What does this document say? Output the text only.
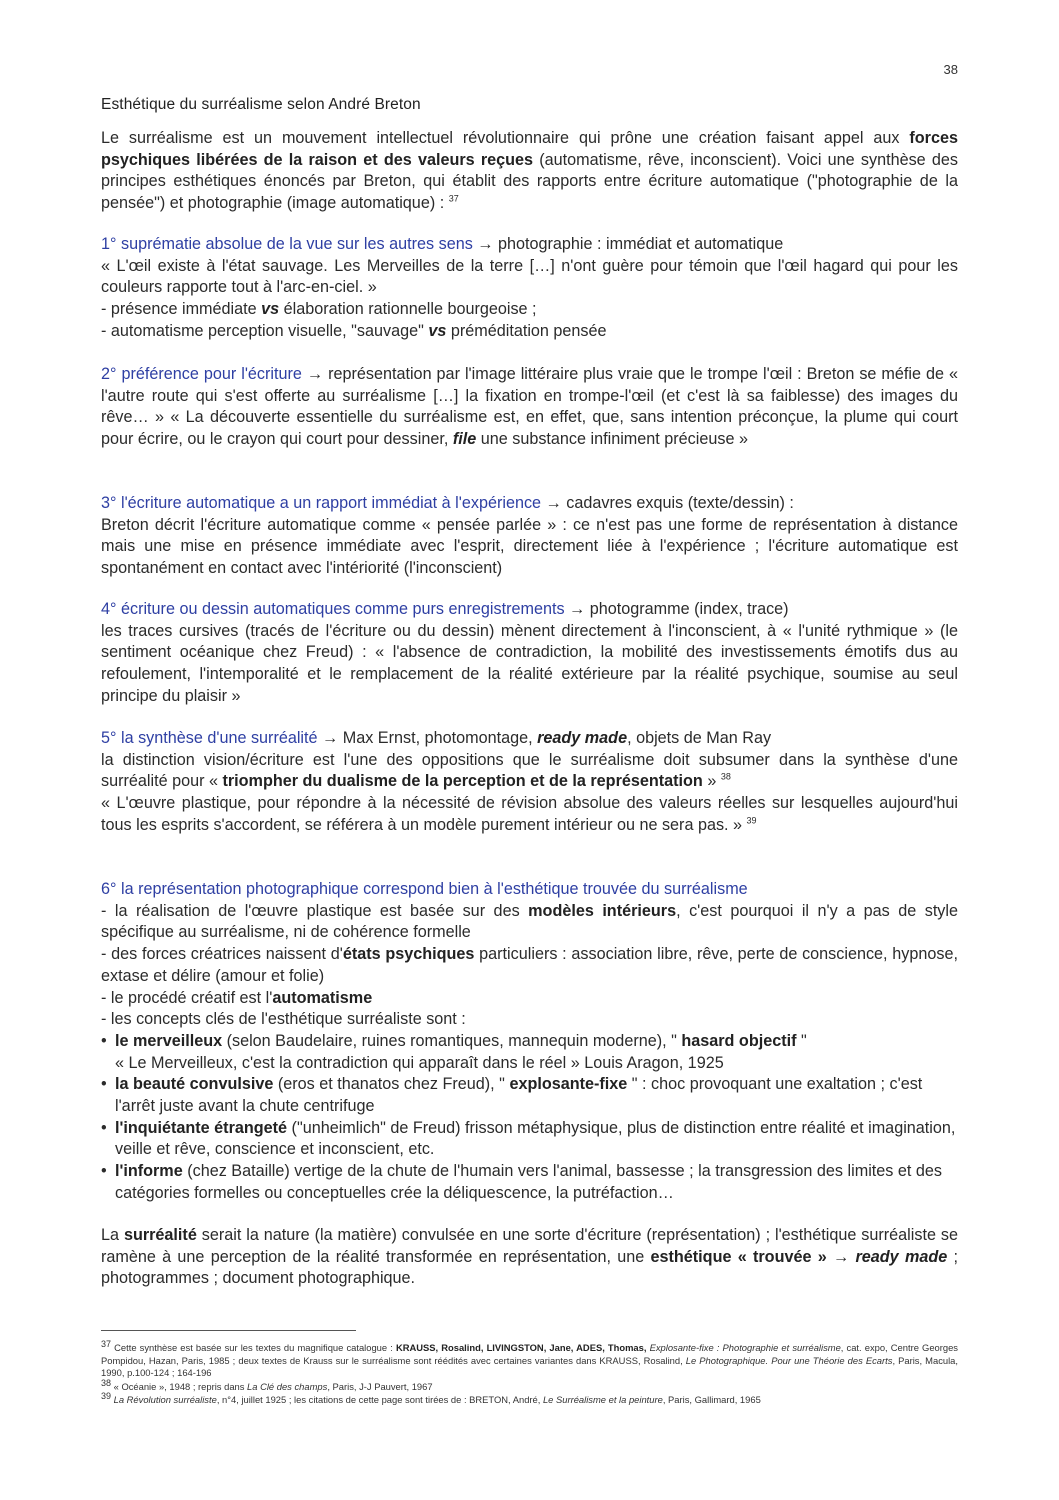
38
Esthétique du surréalisme selon André Breton

Le surréalisme est un mouvement intellectuel révolutionnaire qui prône une création faisant appel aux forces psychiques libérées de la raison et des valeurs reçues (automatisme, rêve, inconscient). Voici une synthèse des principes esthétiques énoncés par Breton, qui établit des rapports entre écriture automatique ("photographie de la pensée") et photographie (image automatique) : $^{37}$

1° suprématie absolue de la vue sur les autres sens → photographie : immédiat et automatique

« L'œil existe à l'état sauvage. Les Merveilles de la terre […] n'ont guère pour témoin que l'œil hagard qui pour les couleurs rapporte tout à l'arc-en-ciel. »

- présence immédiate vs élaboration rationnelle bourgeoise ;

- automatisme perception visuelle, "sauvage" vs préméditation pensée

2° préférence pour l'écriture → représentation par l'image littéraire plus vraie que le trompe l'œil : Breton se méfie de « l'autre route qui s'est offerte au surréalisme […] la fixation en trompe-l'œil (et c'est là sa faiblesse) des images du rêve… » « La découverte essentielle du surréalisme est, en effet, que, sans intention préconçue, la plume qui court pour écrire, ou le crayon qui court pour dessiner, file une substance infiniment précieuse »

3° l'écriture automatique a un rapport immédiat à l'expérience → cadavres exquis (texte/dessin) :

Breton décrit l'écriture automatique comme « pensée parlée » : ce n'est pas une forme de représentation à distance mais une mise en présence immédiate avec l'esprit, directement liée à l'expérience ; l'écriture automatique est spontanément en contact avec l'intériorité (l'inconscient)

4° écriture ou dessin automatiques comme purs enregistrements → photogramme (index, trace)

les traces cursives (tracés de l'écriture ou du dessin) mènent directement à l'inconscient, à « l'unité rythmique » (le sentiment océanique chez Freud) : « l'absence de contradiction, la mobilité des investissements émotifs dus au refoulement, l'intemporalité et le remplacement de la réalité extérieure par la réalité psychique, soumise au seul principe du plaisir »

5° la synthèse d'une surréalité → Max Ernst, photomontage, ready made, objets de Man Ray

la distinction vision/écriture est l'une des oppositions que le surréalisme doit subsumer dans la synthèse d'une surréalité pour « triompher du dualisme de la perception et de la représentation » $^{38}$

« L'œuvre plastique, pour répondre à la nécessité de révision absolue des valeurs réelles sur lesquelles aujourd'hui tous les esprits s'accordent, se référera à un modèle purement intérieur ou ne sera pas. » $^{39}$

6° la représentation photographique correspond bien à l'esthétique trouvée du surréalisme

- la réalisation de l'œuvre plastique est basée sur des modèles intérieurs, c'est pourquoi il n'y a pas de style spécifique au surréalisme, ni de cohérence formelle

- des forces créatrices naissent d'états psychiques particuliers : association libre, rêve, perte de conscience, hypnose, extase et délire (amour et folie)

- le procédé créatif est l'automatisme

- les concepts clés de l'esthétique surréaliste sont :

• le merveilleux (selon Baudelaire, ruines romantiques, mannequin moderne), " hasard objectif "
« Le Merveilleux, c'est la contradiction qui apparaît dans le réel » Louis Aragon, 1925
• la beauté convulsive (eros et thanatos chez Freud), " explosante-fixe " : choc provoquant une exaltation ; c'est l'arrêt juste avant la chute centrifuge
• l'inquiétante étrangeté ("unheimlich" de Freud) frisson métaphysique, plus de distinction entre réalité et imagination, veille et rêve, conscience et inconscient, etc.
• l'informe (chez Bataille) vertige de la chute de l'humain vers l'animal, bassesse ; la transgression des limites et des catégories formelles ou conceptuelles crée la déliquescence, la putréfaction…

La surréalité serait la nature (la matière) convulsée en une sorte d'écriture (représentation) ; l'esthétique surréaliste se ramène à une perception de la réalité transformée en représentation, une esthétique « trouvée » → ready made ; photogrammes ; document photographique.

$^{37}$ Cette synthèse est basée sur les textes du magnifique catalogue : KRAUSS, Rosalind, LIVINGSTON, Jane, ADES, Thomas, Explosante-fixe : Photographie et surréalisme, cat. expo, Centre Georges Pompidou, Hazan, Paris, 1985 ; deux textes de Krauss sur le surréalisme sont réédités avec certaines variantes dans KRAUSS, Rosalind, Le Photographique. Pour une Théorie des Ecarts, Paris, Macula, 1990, p.100-124 ; 164-196
$^{38}$ « Océanie », 1948 ; repris dans La Clé des champs, Paris, J-J Pauvert, 1967
$^{39}$ La Révolution surréaliste, n°4, juillet 1925 ; les citations de cette page sont tirées de : BRETON, André, Le Surréalisme et la peinture, Paris, Gallimard, 1965
